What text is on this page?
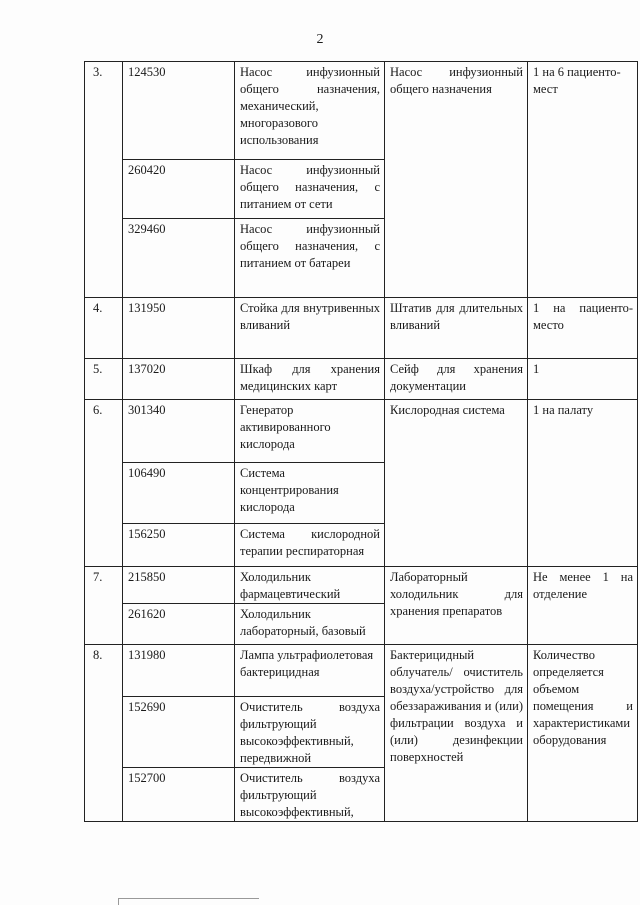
2
3.	124530	Насос инфузионный общего назначения, механический, многоразового использования	Насос инфузионный общего назначения	1 на 6 пациенто-мест
	260420	Насос инфузионный общего назначения, с питанием от сети		
	329460	Насос инфузионный общего назначения, с питанием от батареи		
4.	131950	Стойка для внутривенных вливаний	Штатив для длительных вливаний	1 на пациенто-место
5.	137020	Шкаф для хранения медицинских карт	Сейф для хранения документации	1
6.	301340	Генератор активированного кислорода	Кислородная система	1 на палату
	106490	Система концентрирования кислорода		
	156250	Система кислородной терапии респираторная		
7.	215850	Холодильник фармацевтический	Лабораторный холодильник для хранения препаратов	Не менее 1 на отделение
	261620	Холодильник лабораторный, базовый		
8.	131980	Лампа ультрафиолетовая бактерицидная	Бактерицидный облучатель/ очиститель воздуха/устройство для обеззараживания и (или) фильтрации воздуха и (или) дезинфекции поверхностей	Количество определяется объемом помещения и характеристиками оборудования
	152690	Очиститель воздуха фильтрующий высокоэффективный, передвижной		
	152700	Очиститель воздуха фильтрующий высокоэффективный,		
